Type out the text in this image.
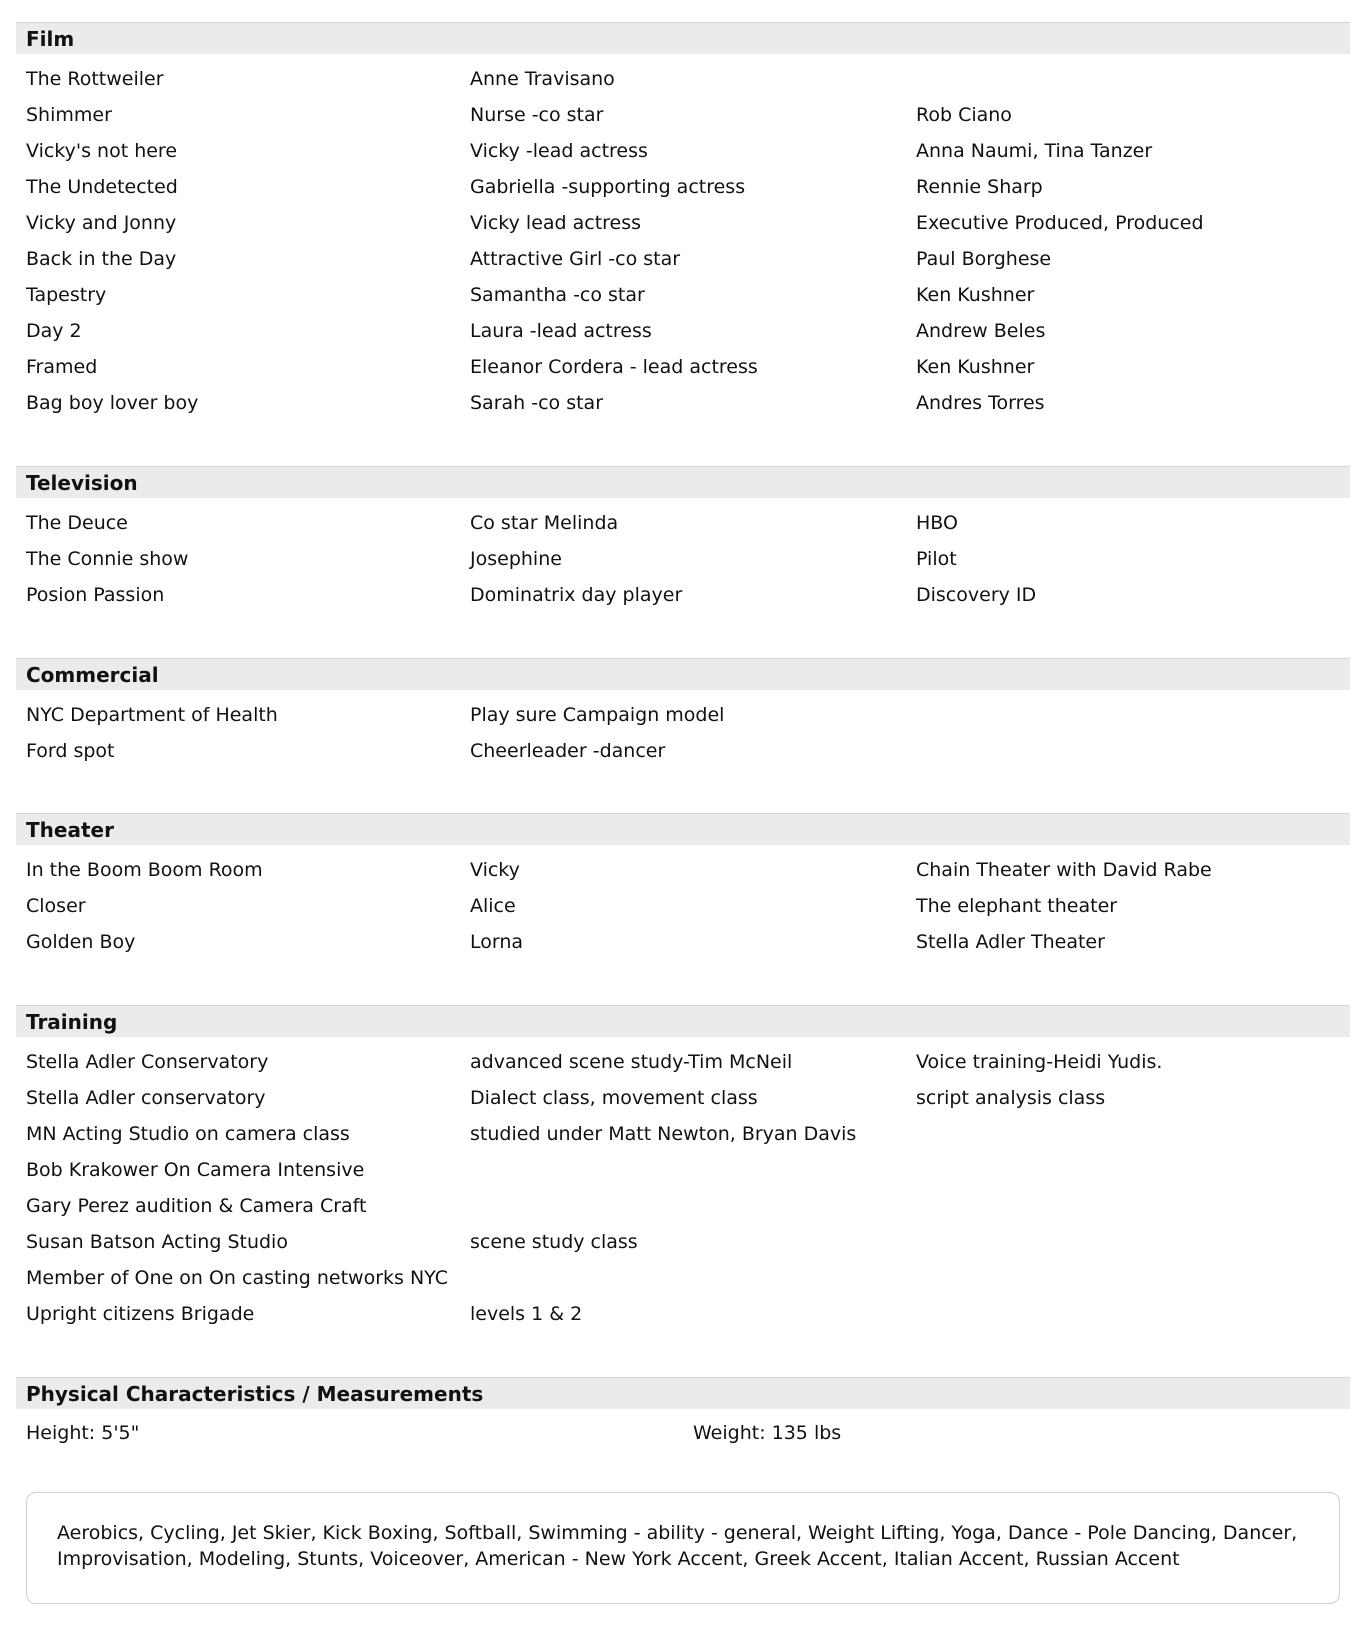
Film
The Rottweiler	Anne Travisano
Shimmer	Nurse -co star	Rob Ciano
Vicky's not here	Vicky -lead actress	Anna Naumi, Tina Tanzer
The Undetected	Gabriella -supporting actress	Rennie Sharp
Vicky and Jonny	Vicky lead actress	Executive Produced, Produced
Back in the Day	Attractive Girl -co star	Paul Borghese
Tapestry	Samantha -co star	Ken Kushner
Day 2	Laura -lead actress	Andrew Beles
Framed	Eleanor Cordera - lead actress	Ken Kushner
Bag boy lover boy	Sarah -co star	Andres Torres
Television
The Deuce	Co star Melinda	HBO
The Connie show	Josephine	Pilot
Posion Passion	Dominatrix day player	Discovery ID
Commercial
NYC Department of Health	Play sure Campaign model
Ford spot	Cheerleader -dancer
Theater
In the Boom Boom Room	Vicky	Chain Theater with David Rabe
Closer	Alice	The elephant theater
Golden Boy	Lorna	Stella Adler Theater
Training
Stella Adler Conservatory	advanced scene study-Tim McNeil	Voice training-Heidi Yudis.
Stella Adler conservatory	Dialect class, movement class	script analysis class
MN Acting Studio on camera class	studied under Matt Newton, Bryan Davis
Bob Krakower On Camera Intensive
Gary Perez audition & Camera Craft
Susan Batson Acting Studio	scene study class
Member of One on On casting networks NYC
Upright citizens Brigade	levels 1 & 2
Physical Characteristics / Measurements
Height: 5'5"	Weight: 135 lbs
Aerobics, Cycling, Jet Skier, Kick Boxing, Softball, Swimming - ability - general, Weight Lifting, Yoga, Dance - Pole Dancing, Dancer, Improvisation, Modeling, Stunts, Voiceover, American - New York Accent, Greek Accent, Italian Accent, Russian Accent
